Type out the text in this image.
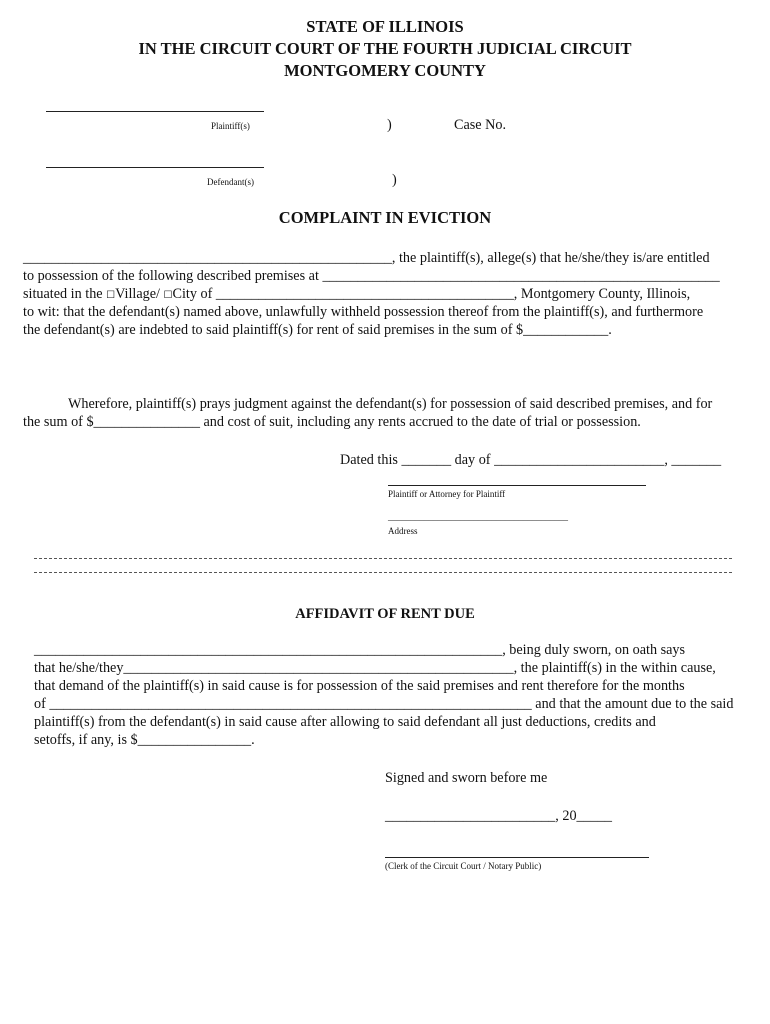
STATE OF ILLINOIS
IN THE CIRCUIT COURT OF THE FOURTH JUDICIAL CIRCUIT
MONTGOMERY COUNTY
Plaintiff(s)	)	Case No.
Defendant(s)	)
COMPLAINT IN EVICTION
____________________________________________________, the plaintiff(s), allege(s) that he/she/they is/are entitled
to possession of the following described premises at ________________________________________________________
situated in the ☐Village/ ☐City of __________________________________________, Montgomery County, Illinois,
to wit: that the defendant(s) named above, unlawfully withheld possession thereof from the plaintiff(s), and furthermore
the defendant(s) are indebted to said plaintiff(s) for rent of said premises in the sum of $____________.
Wherefore, plaintiff(s) prays judgment against the defendant(s) for possession of said described premises, and for
the sum of $_______________ and cost of suit, including any rents accrued to the date of trial or possession.
Dated this _______ day of ________________________, _______
Plaintiff or Attorney for Plaintiff
________________________________________
Address
AFFIDAVIT OF RENT DUE
__________________________________________________________________, being duly sworn, on oath says
that he/she/they_______________________________________________________, the plaintiff(s) in the within cause,
that demand of the plaintiff(s) in said cause is for possession of the said premises and rent therefore for the months
of ____________________________________________________________________ and that the amount due to the said
plaintiff(s) from the defendant(s) in said cause after allowing to said defendant all just deductions, credits and
setoffs, if any, is $________________.
Signed and sworn before me
________________________, 20_____
(Clerk of the Circuit Court / Notary Public)
